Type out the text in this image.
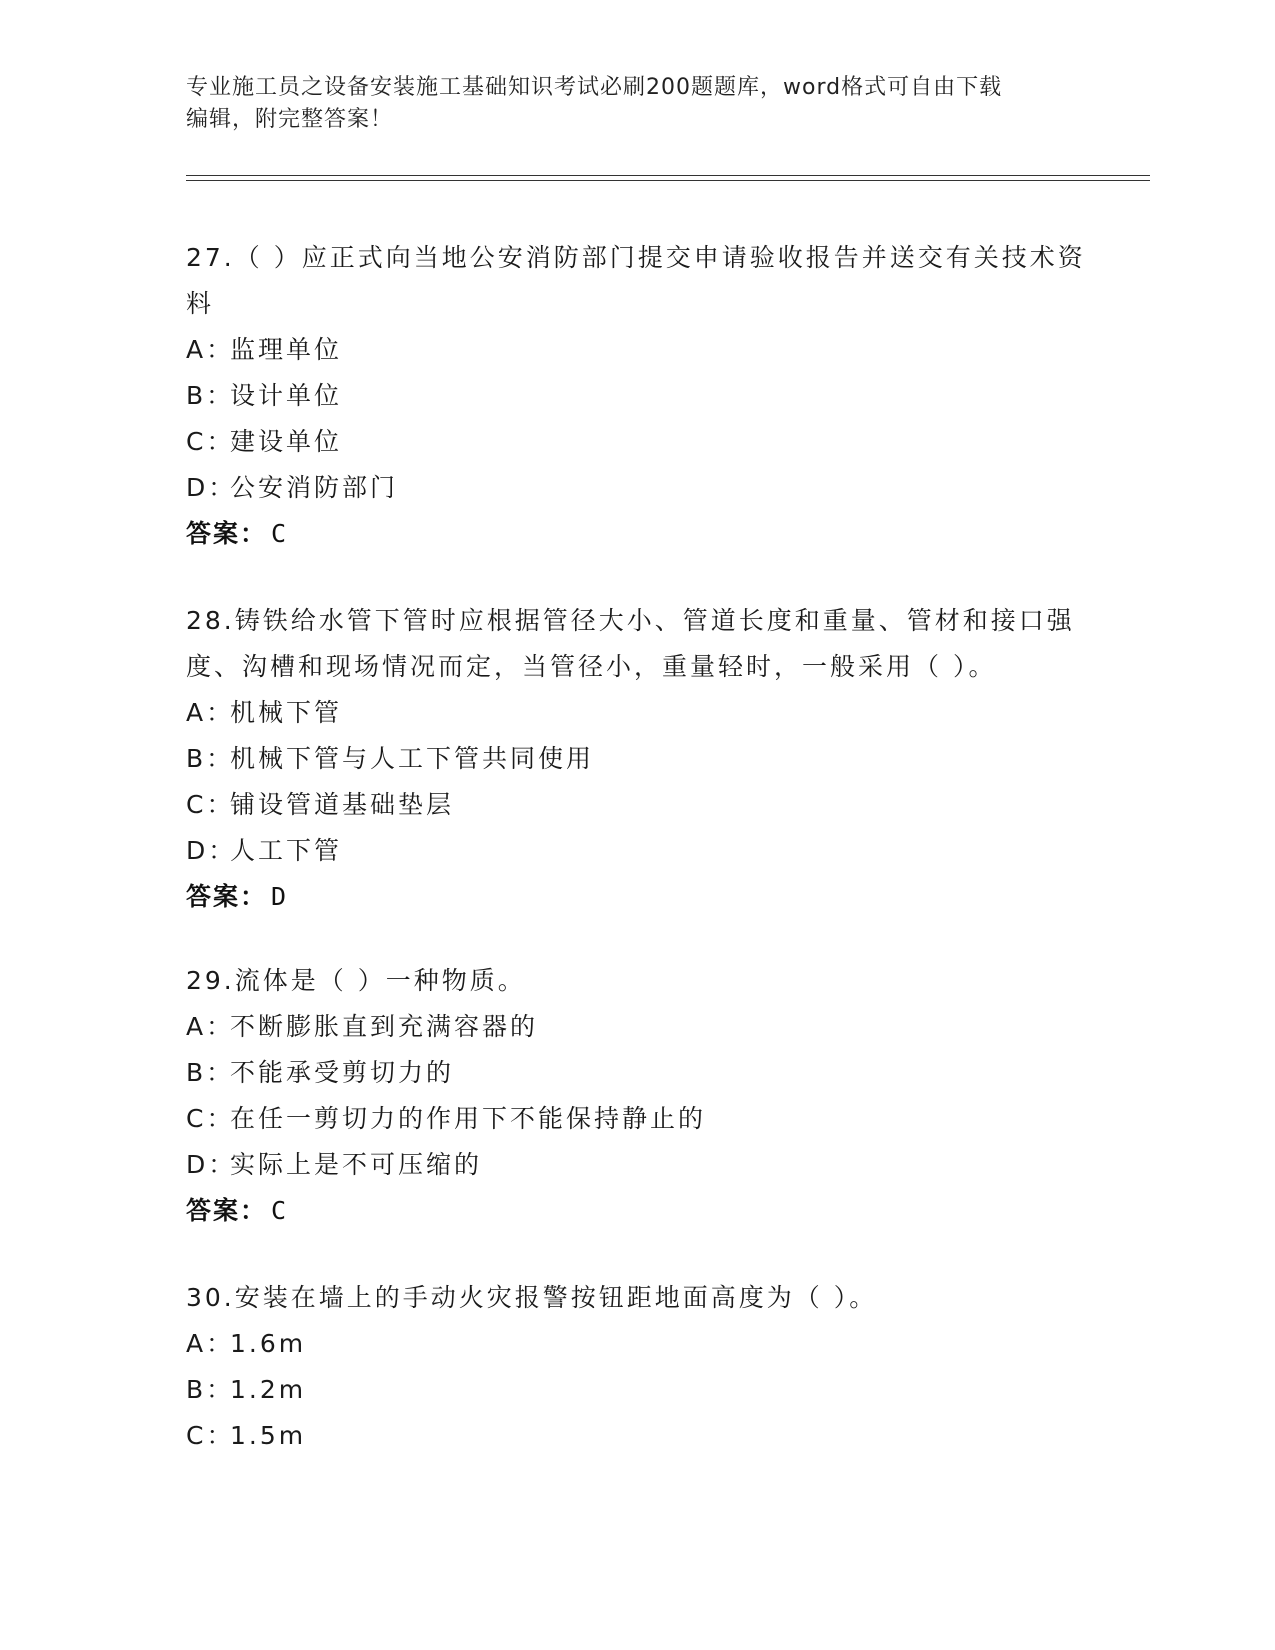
专业施工员之设备安装施工基础知识考试必刷200题题库，word格式可自由下载
编辑，附完整答案！
27.（ ）应正式向当地公安消防部门提交申请验收报告并送交有关技术资料
A：监理单位
B：设计单位
C：建设单位
D：公安消防部门
答案： C
28.铸铁给水管下管时应根据管径大小、管道长度和重量、管材和接口强度、沟槽和现场情况而定，当管径小，重量轻时，一般采用（ ）。
A：机械下管
B：机械下管与人工下管共同使用
C：铺设管道基础垫层
D：人工下管
答案： D
29.流体是（ ）一种物质。
A：不断膨胀直到充满容器的
B：不能承受剪切力的
C：在任一剪切力的作用下不能保持静止的
D：实际上是不可压缩的
答案： C
30.安装在墙上的手动火灾报警按钮距地面高度为（ ）。
A：1.6m
B：1.2m
C：1.5m
